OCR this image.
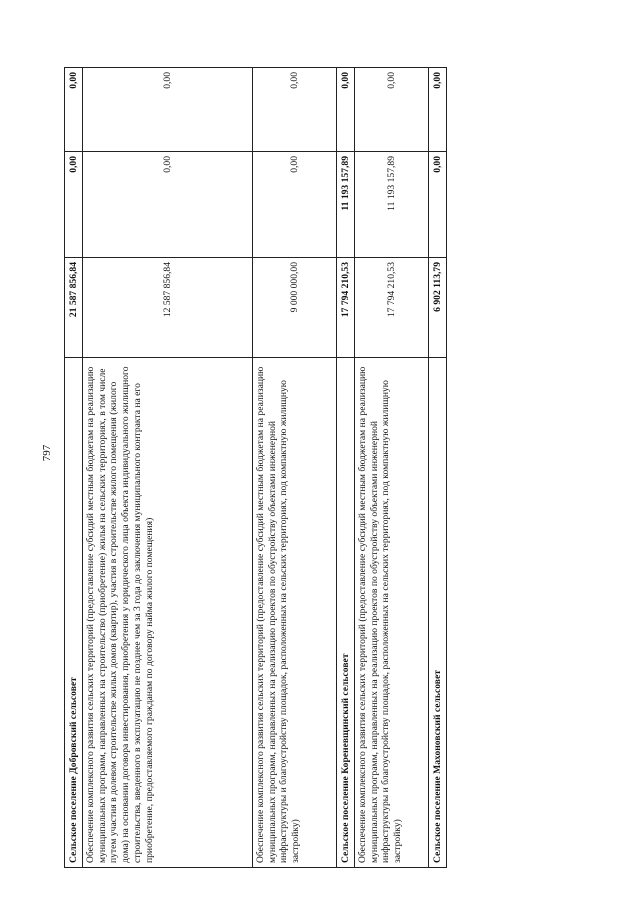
797
Сельское поселение Добровский сельсовет	21 587 856,84	0,00	0,00
Обеспечение комплексного развития сельских территорий (предоставление субсидий местным бюджетам на реализацию муниципальных программ, направленных на строительство (приобретение) жилья на сельских территориях, в том числе путем участия в долевом строительстве жилых домов (квартир), участия в строительстве жилого помещения (жилого дома) на основании договора инвестирования, приобретения у юридического лица объекта индивидуального жилищного строительства, введенного в эксплуатацию не позднее чем за 3 года до заключения муниципального контракта на его приобретение, предоставляемого гражданам по договору найма жилого помещения)	12 587 856,84	0,00	0,00
Обеспечение комплексного развития сельских территорий (предоставление субсидий местным бюджетам на реализацию муниципальных программ, направленных на реализацию проектов по обустройству объектами инженерной инфраструктуры и благоустройству площадок, расположенных на сельских территориях, под компактную жилищную застройку)	9 000 000,00	0,00	0,00
Сельское поселение Кореневщинский сельсовет	17 794 210,53	11 193 157,89	0,00
Обеспечение комплексного развития сельских территорий (предоставление субсидий местным бюджетам на реализацию муниципальных программ, направленных на реализацию проектов по обустройству объектами инженерной инфраструктуры и благоустройству площадок, расположенных на сельских территориях, под компактную жилищную застройку)	17 794 210,53	11 193 157,89	0,00
Сельское поселение Махоновский сельсовет	6 902 113,79	0,00	0,00
